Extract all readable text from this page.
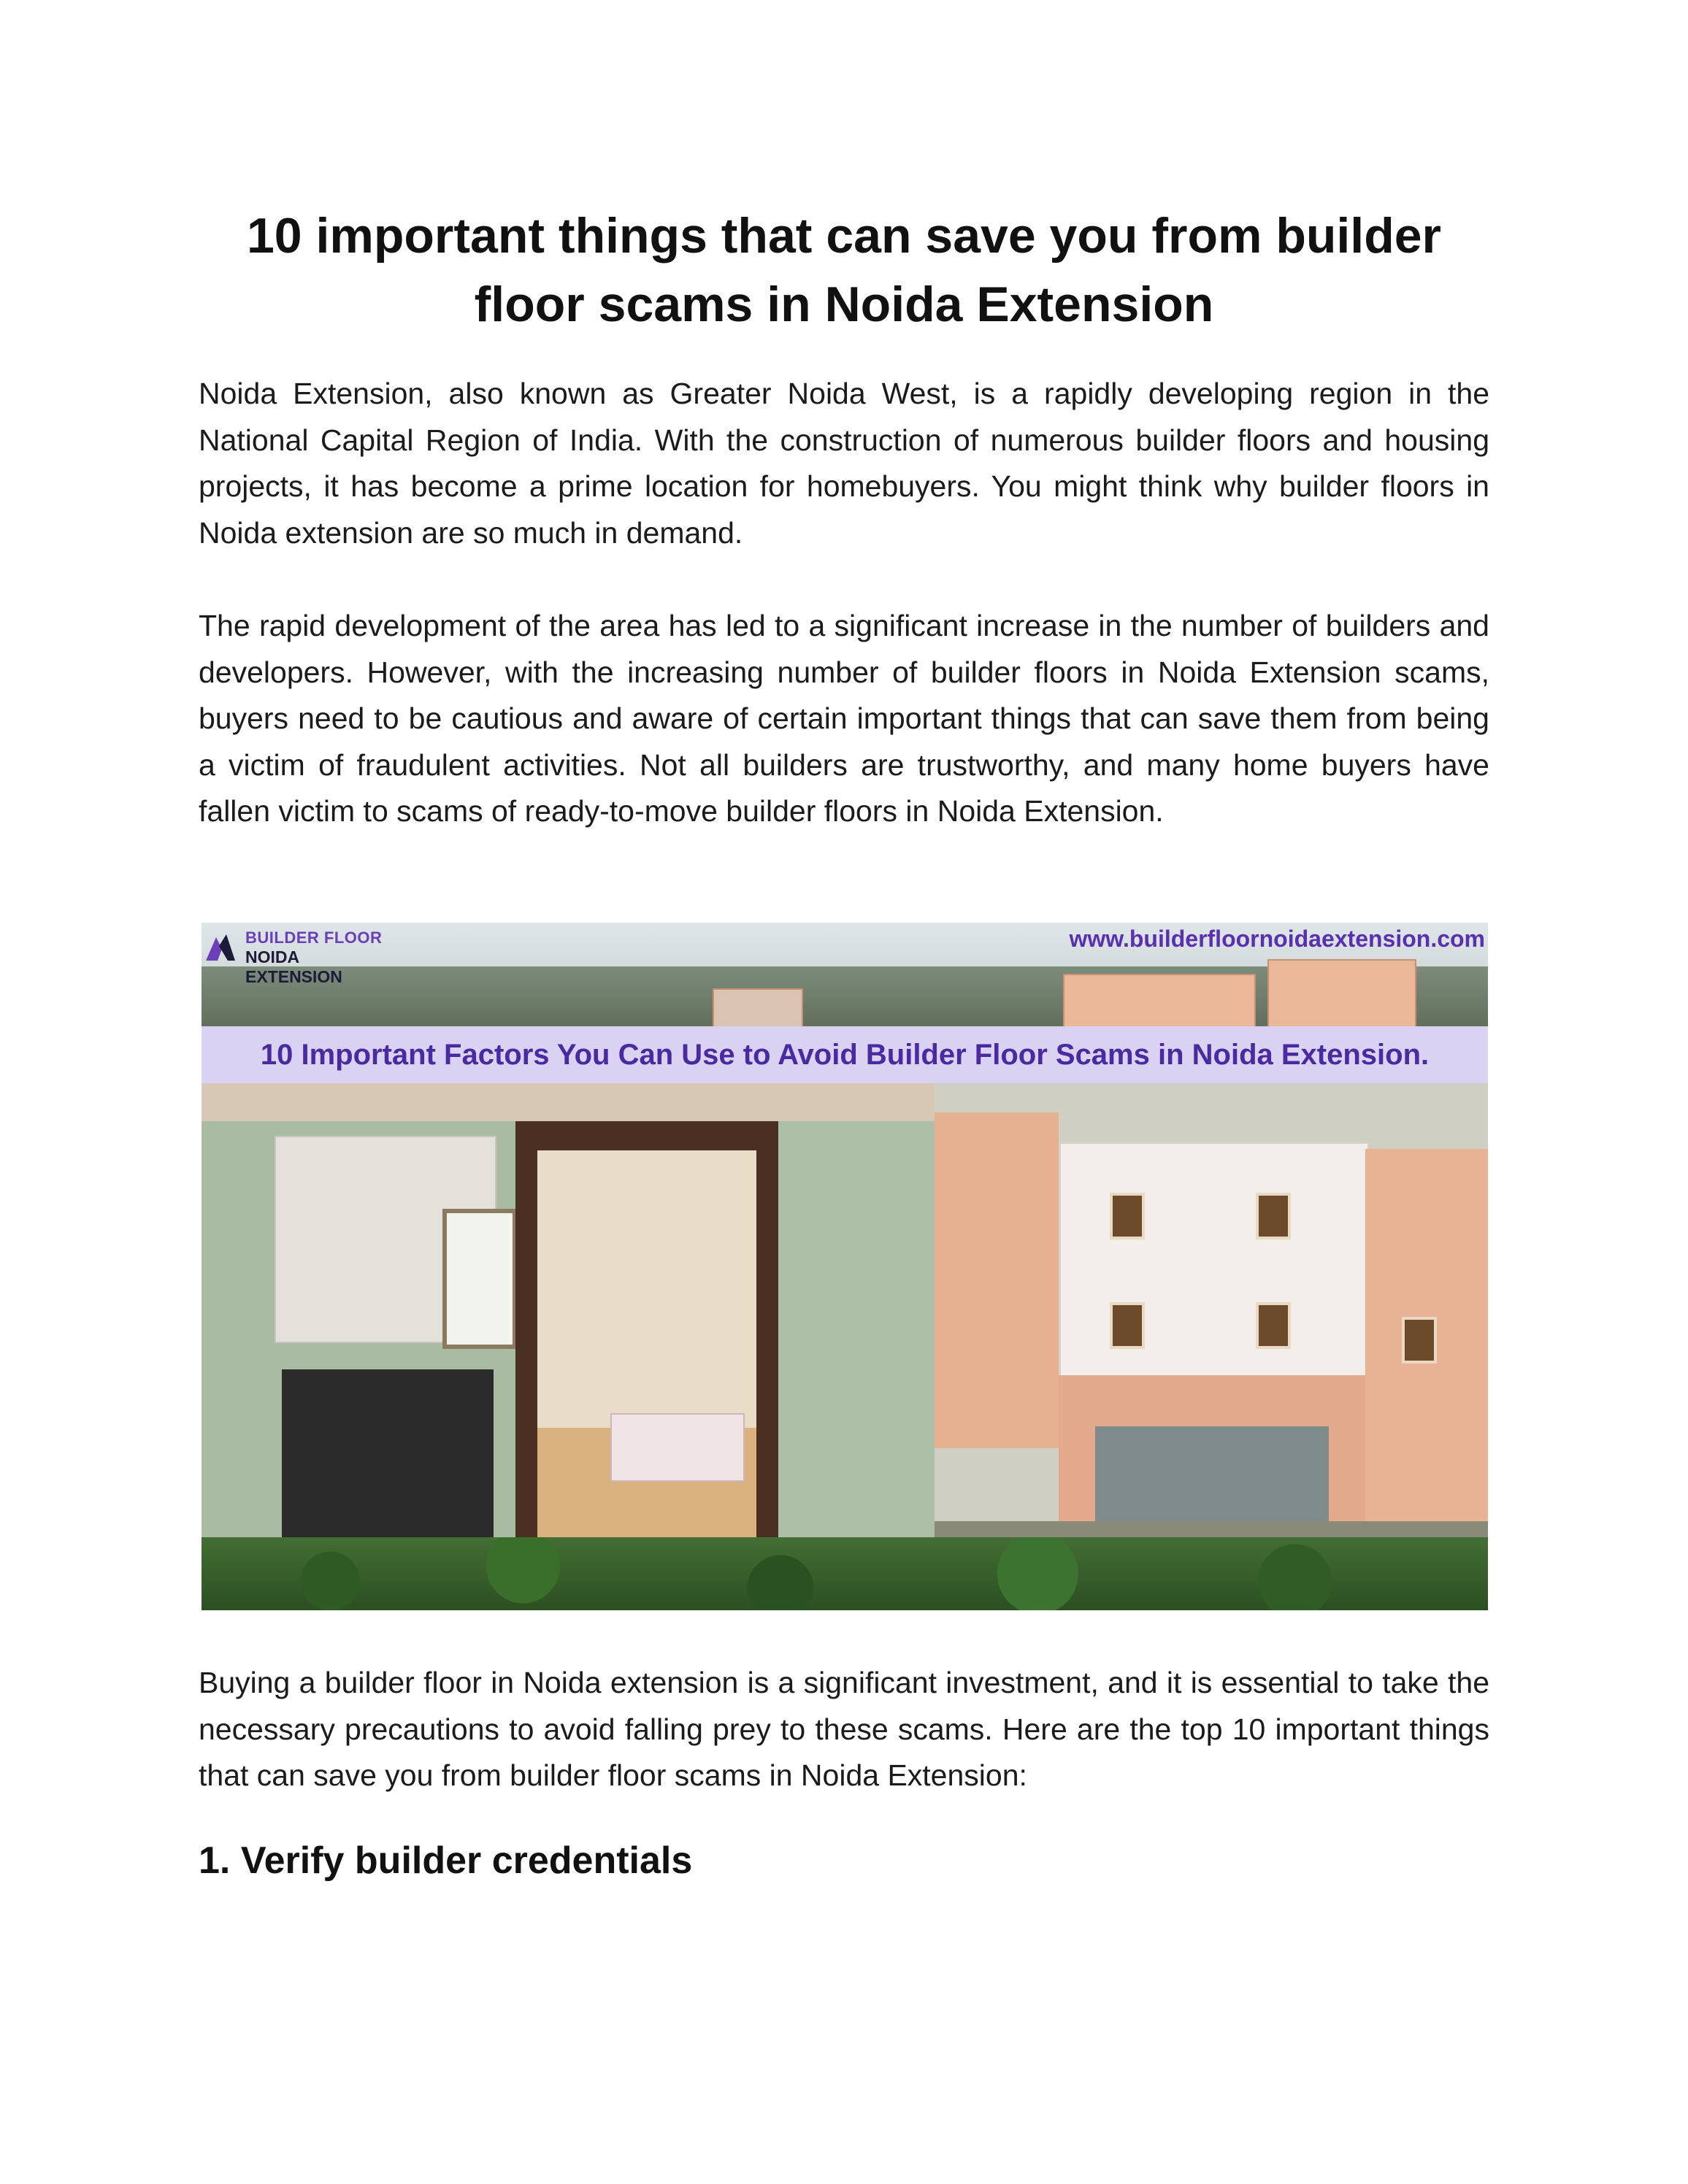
10 important things that can save you from builder floor scams in Noida Extension

Noida Extension, also known as Greater Noida West, is a rapidly developing region in the National Capital Region of India. With the construction of numerous builder floors and housing projects, it has become a prime location for homebuyers. You might think why builder floors in Noida extension are so much in demand.

The rapid development of the area has led to a significant increase in the number of builders and developers. However, with the increasing number of builder floors in Noida Extension scams, buyers need to be cautious and aware of certain important things that can save them from being a victim of fraudulent activities. Not all builders are trustworthy, and many home buyers have fallen victim to scams of ready-to-move builder floors in Noida Extension.

BUILDER FLOOR
NOIDA EXTENSION
www.builderfloornoidaextension.com
10 Important Factors You Can Use to Avoid Builder Floor Scams in Noida Extension.

Buying a builder floor in Noida extension is a significant investment, and it is essential to take the necessary precautions to avoid falling prey to these scams. Here are the top 10 important things that can save you from builder floor scams in Noida Extension:

1. Verify builder credentials
